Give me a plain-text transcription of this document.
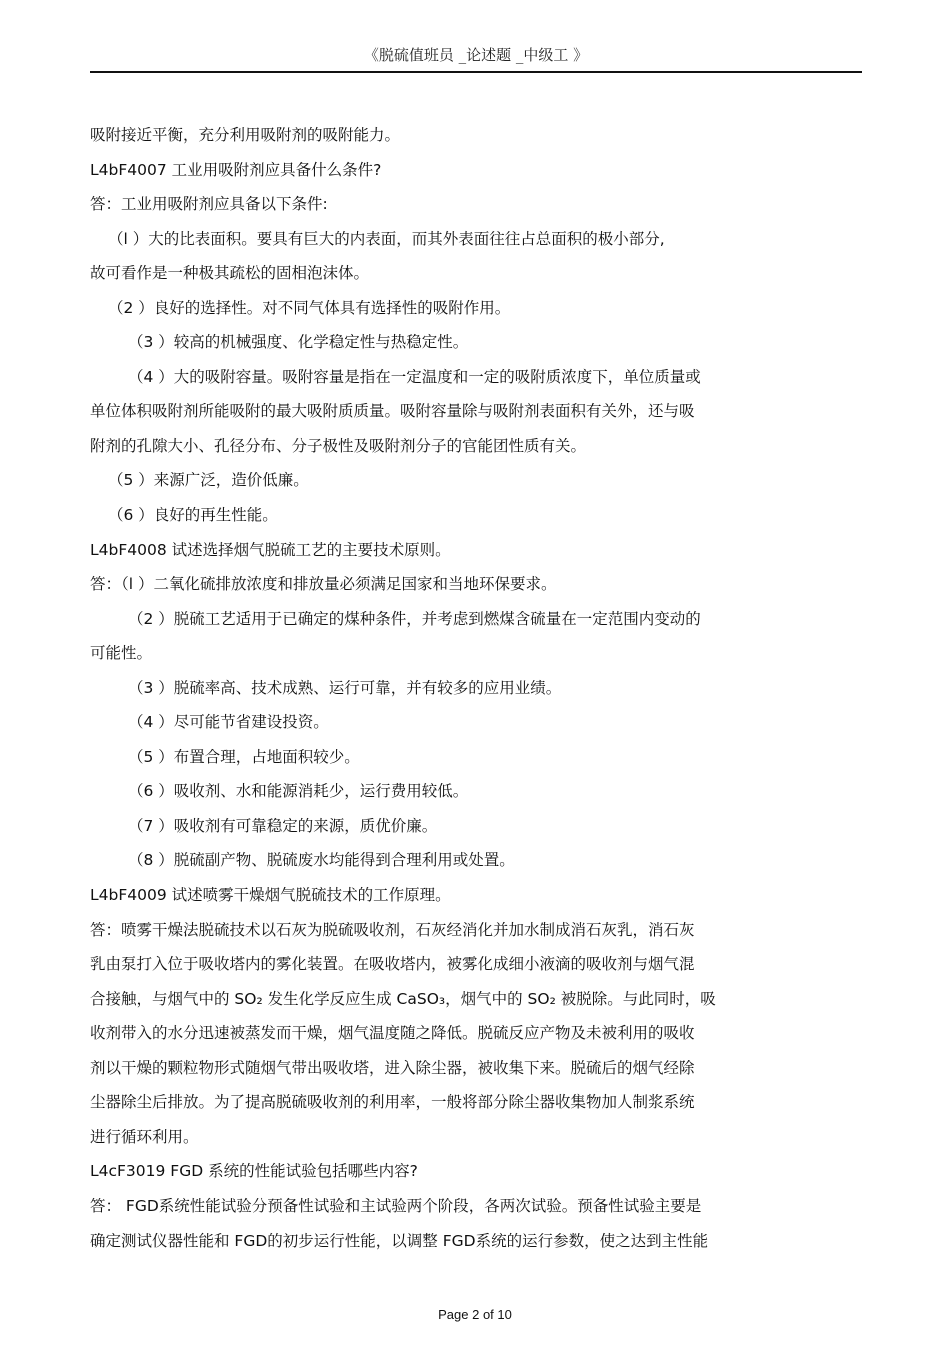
《脱硫值班员 _论述题 _中级工 》
吸附接近平衡，充分利用吸附剂的吸附能力。
L4bF4007 工业用吸附剂应具备什么条件?
答：工业用吸附剂应具备以下条件:
（l ）大的比表面积。要具有巨大的内表面，而其外表面往往占总面积的极小部分,
故可看作是一种极其疏松的固相泡沫体。
（2 ）良好的选择性。对不同气体具有选择性的吸附作用。
（3 ）较高的机械强度、化学稳定性与热稳定性。
（4 ）大的吸附容量。吸附容量是指在一定温度和一定的吸附质浓度下，单位质量或
单位体积吸附剂所能吸附的最大吸附质质量。吸附容量除与吸附剂表面积有关外，还与吸
附剂的孔隙大小、孔径分布、分子极性及吸附剂分子的官能团性质有关。
（5 ）来源广泛，造价低廉。
（6 ）良好的再生性能。
L4bF4008 试述选择烟气脱硫工艺的主要技术原则。
答：（l ）二氧化硫排放浓度和排放量必须满足国家和当地环保要求。
（2 ）脱硫工艺适用于已确定的煤种条件，并考虑到燃煤含硫量在一定范围内变动的
可能性。
（3 ）脱硫率高、技术成熟、运行可靠，并有较多的应用业绩。
（4 ）尽可能节省建设投资。
（5 ）布置合理，占地面积较少。
（6 ）吸收剂、水和能源消耗少，运行费用较低。
（7 ）吸收剂有可靠稳定的来源，质优价廉。
（8 ）脱硫副产物、脱硫废水均能得到合理利用或处置。
L4bF4009 试述喷雾干燥烟气脱硫技术的工作原理。
答：喷雾干燥法脱硫技术以石灰为脱硫吸收剂，石灰经消化并加水制成消石灰乳，消石灰
乳由泵打入位于吸收塔内的雾化装置。在吸收塔内，被雾化成细小液滴的吸收剂与烟气混
合接触，与烟气中的 SO₂ 发生化学反应生成 CaSO₃，烟气中的 SO₂ 被脱除。与此同时，吸
收剂带入的水分迅速被蒸发而干燥，烟气温度随之降低。脱硫反应产物及未被利用的吸收
剂以干燥的颗粒物形式随烟气带出吸收塔，进入除尘器，被收集下来。脱硫后的烟气经除
尘器除尘后排放。为了提高脱硫吸收剂的利用率，一般将部分除尘器收集物加人制浆系统
进行循环利用。
L4cF3019 FGD 系统的性能试验包括哪些内容?
答： FGD系统性能试验分预备性试验和主试验两个阶段，各两次试验。预备性试验主要是
确定测试仪器性能和 FGD的初步运行性能，以调整 FGD系统的运行参数，使之达到主性能
Page 2 of 10
